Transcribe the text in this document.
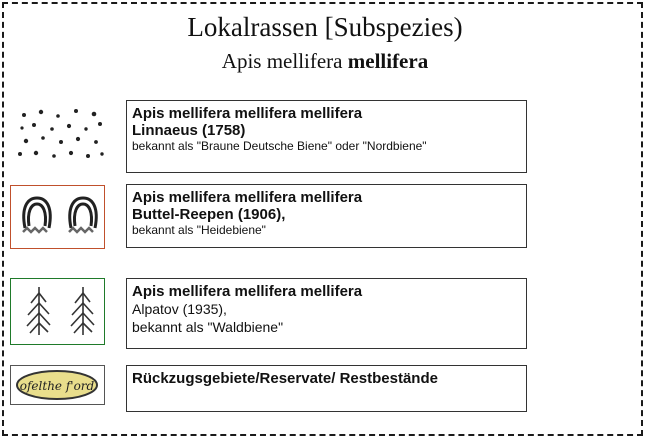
Lokalrassen [Subspezies)
Apis mellifera mellifera
Apis mellifera mellifera mellifera
Linnaeus (1758)
bekannt als "Braune Deutsche Biene" oder "Nordbiene"
Apis mellifera mellifera mellifera
Buttel-Reepen (1906),
bekannt als "Heidebiene"
Apis mellifera mellifera mellifera
Alpatov (1935),
bekannt als "Waldbiene"
ofelthe f'ord	Rückzugsgebiete/Reservate/ Restbestände
